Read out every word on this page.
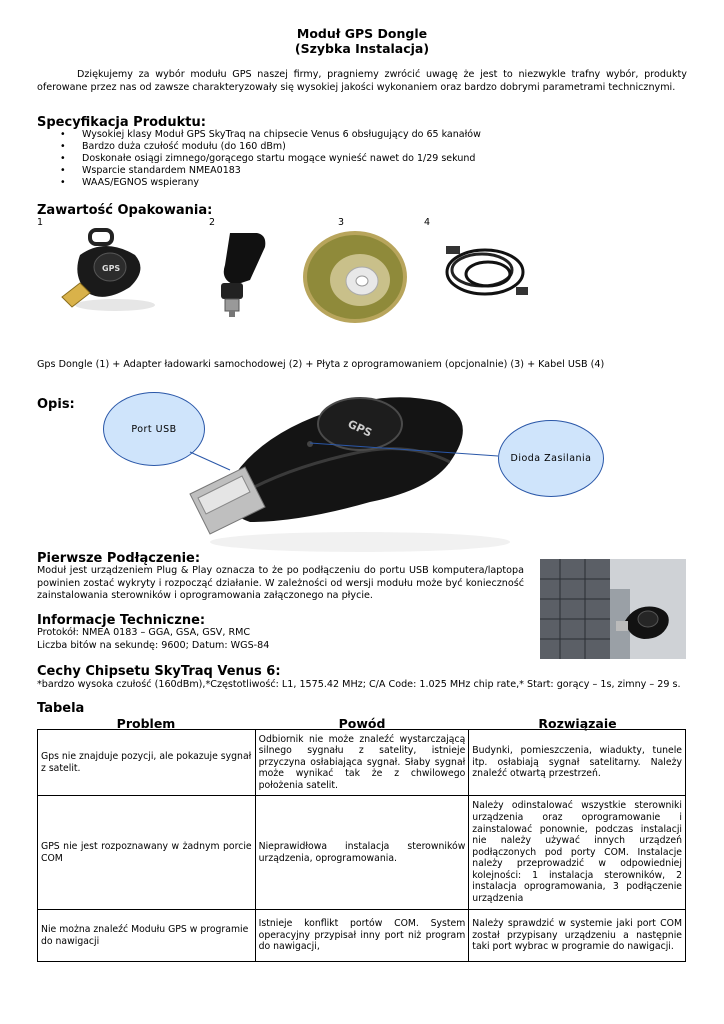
Moduł GPS Dongle
(Szybka Instalacja)
Dziękujemy za wybór modułu GPS naszej firmy, pragniemy zwrócić uwagę że jest to niezwykle trafny wybór, produkty oferowane przez nas od zawsze charakteryzowały się wysokiej jakości wykonaniem oraz bardzo dobrymi parametrami technicznymi.
Specyfikacja Produktu:
• Wysokiej klasy Moduł GPS SkyTraq na chipsecie Venus 6 obsługujący do 65 kanałów
• Bardzo duża czułość modułu (do 160 dBm)
• Doskonałe osiągi zimnego/gorącego startu mogące wynieść nawet do 1/29 sekund
• Wsparcie standardem NMEA0183
• WAAS/EGNOS wspierany
Zawartość Opakowania:
1	2	3	4
GPS
Gps Dongle (1) + Adapter ładowarki samochodowej (2) + Płyta z oprogramowaniem (opcjonalnie) (3) + Kabel USB (4)
Opis:
GPS
Port USB
Dioda Zasilania
Pierwsze Podłączenie:
Moduł jest urządzeniem Plug & Play oznacza to że po podłączeniu do portu USB komputera/laptopa powinien zostać wykryty i rozpocząć działanie. W zależności od wersji modułu może być konieczność zainstalowania sterowników i oprogramowania załączonego na płycie.
Informacje Techniczne:
Protokół: NMEA 0183 – GGA, GSA, GSV, RMC
Liczba bitów na sekundę: 9600; Datum: WGS-84
Cechy Chipsetu SkyTraq Venus 6:
*bardzo wysoka czułość (160dBm),*Częstotliwość: L1, 1575.42 MHz; C/A Code: 1.025 MHz chip rate,* Start: gorący – 1s, zimny – 29 s.
Tabela
Problem	Powód	Rozwiązaie
Gps nie znajduje pozycji, ale pokazuje sygnał z satelit.	Odbiornik nie może znaleźć wystarczającą silnego sygnału z satelity, istnieje przyczyna osłabiająca sygnał. Słaby sygnał może wynikać tak że z chwilowego położenia satelit.	Budynki, pomieszczenia, wiadukty, tunele itp. osłabiają sygnał satelitarny. Należy znaleźć otwartą przestrzeń.
GPS nie jest rozpoznawany w żadnym porcie COM	Nieprawidłowa instalacja sterowników urządzenia, oprogramowania.	Należy odinstalować wszystkie sterowniki urządzenia oraz oprogramowanie i zainstalować ponownie, podczas instalacji nie należy używać innych urządzeń podłączonych pod porty COM. Instalacje należy przeprowadzić w odpowiedniej kolejności: 1 instalacja sterowników, 2 instalacja oprogramowania, 3 podłączenie urządzenia
Nie można znaleźć Modułu GPS w programie do nawigacji	Istnieje konflikt portów COM. System operacyjny przypisał inny port niż program do nawigacji,	Należy sprawdzić w systemie jaki port COM został przypisany urządzeniu a następnie taki port wybrac w programie do nawigacji.
